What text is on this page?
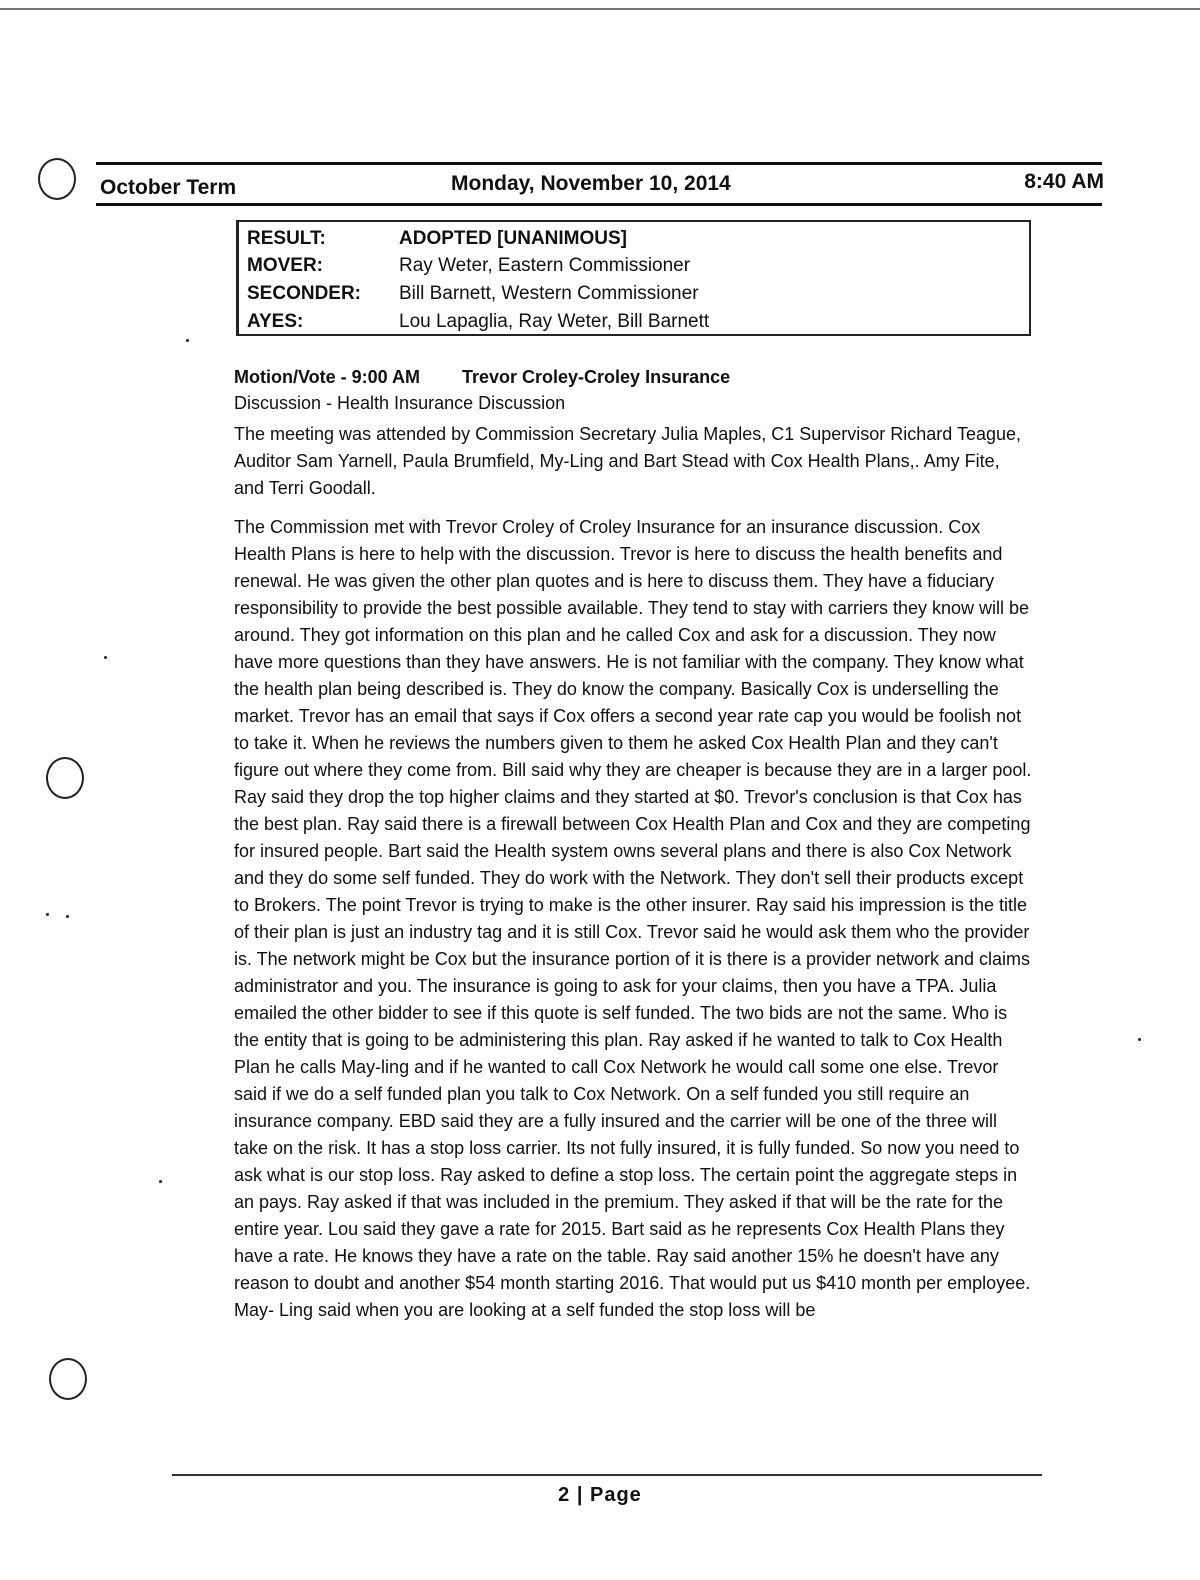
October Term	Monday, November 10, 2014	8:40 AM
RESULT:	ADOPTED [UNANIMOUS]
MOVER:	Ray Weter, Eastern Commissioner
SECONDER: Bill Barnett, Western Commissioner
AYES:	Lou Lapaglia, Ray Weter, Bill Barnett
Motion/Vote - 9:00 AM Trevor Croley-Croley Insurance
Discussion - Health Insurance Discussion

The meeting was attended by Commission Secretary Julia Maples, C1 Supervisor Richard Teague, Auditor Sam Yarnell, Paula Brumfield, My-Ling and Bart Stead with Cox Health Plans,. Amy Fite, and Terri Goodall.

The Commission met with Trevor Croley of Croley Insurance for an insurance discussion. Cox Health Plans is here to help with the discussion. Trevor is here to discuss the health benefits and renewal. He was given the other plan quotes and is here to discuss them. They have a fiduciary responsibility to provide the best possible available. They tend to stay with carriers they know will be around. They got information on this plan and he called Cox and ask for a discussion. They now have more questions than they have answers. He is not familiar with the company. They know what the health plan being described is. They do know the company. Basically Cox is underselling the market. Trevor has an email that says if Cox offers a second year rate cap you would be foolish not to take it. When he reviews the numbers given to them he asked Cox Health Plan and they can't figure out where they come from. Bill said why they are cheaper is because they are in a larger pool. Ray said they drop the top higher claims and they started at $0. Trevor's conclusion is that Cox has the best plan. Ray said there is a firewall between Cox Health Plan and Cox and they are competing for insured people. Bart said the Health system owns several plans and there is also Cox Network and they do some self funded. They do work with the Network. They don't sell their products except to Brokers. The point Trevor is trying to make is the other insurer. Ray said his impression is the title of their plan is just an industry tag and it is still Cox. Trevor said he would ask them who the provider is. The network might be Cox but the insurance portion of it is there is a provider network and claims administrator and you. The insurance is going to ask for your claims, then you have a TPA. Julia emailed the other bidder to see if this quote is self funded. The two bids are not the same. Who is the entity that is going to be administering this plan. Ray asked if he wanted to talk to Cox Health Plan he calls May-ling and if he wanted to call Cox Network he would call some one else. Trevor said if we do a self funded plan you talk to Cox Network. On a self funded you still require an insurance company. EBD said they are a fully insured and the carrier will be one of the three will take on the risk. It has a stop loss carrier. Its not fully insured, it is fully funded. So now you need to ask what is our stop loss. Ray asked to define a stop loss. The certain point the aggregate steps in an pays. Ray asked if that was included in the premium. They asked if that will be the rate for the entire year. Lou said they gave a rate for 2015. Bart said as he represents Cox Health Plans they have a rate. He knows they have a rate on the table. Ray said another 15% he doesn't have any reason to doubt and another $54 month starting 2016. That would put us $410 month per employee. May- Ling said when you are looking at a self funded the stop loss will be

2 | Page
